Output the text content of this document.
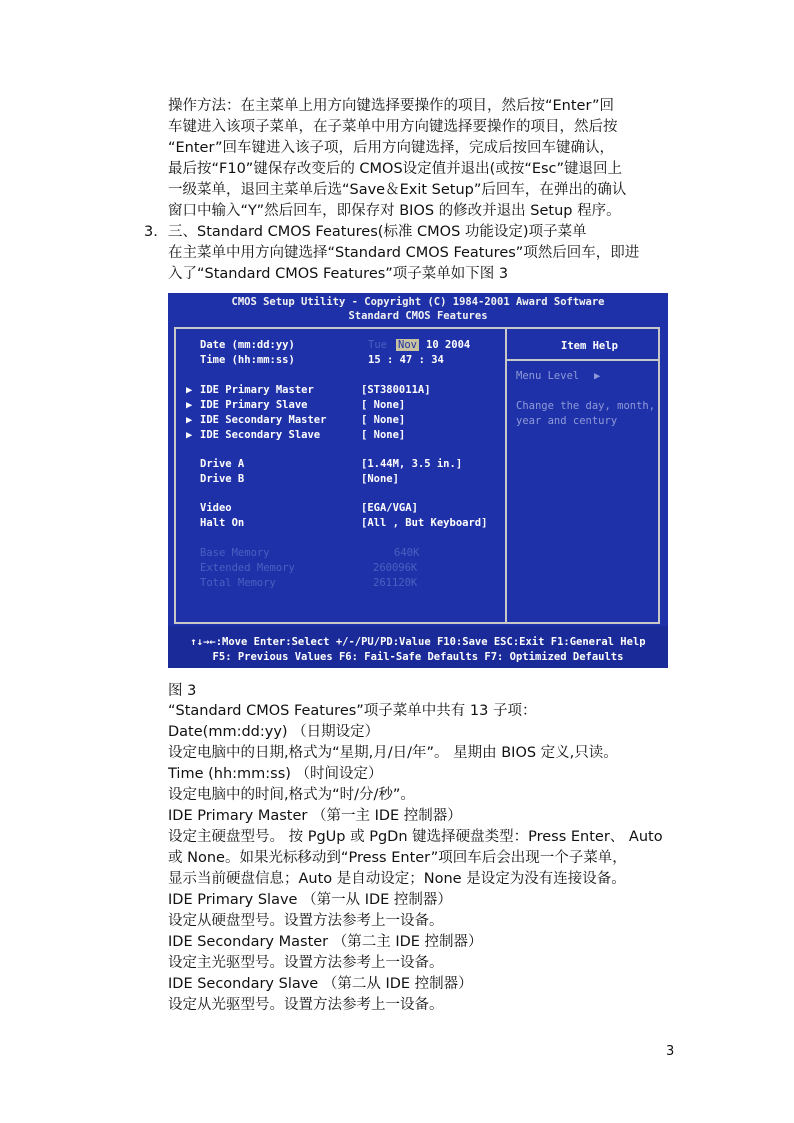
操作方法：在主菜单上用方向键选择要操作的项目，然后按“Enter”回
车键进入该项子菜单，在子菜单中用方向键选择要操作的项目，然后按
“Enter”回车键进入该子项，后用方向键选择，完成后按回车键确认，
最后按“F10”键保存改变后的 CMOS设定值并退出(或按“Esc”键退回上
一级菜单，退回主菜单后选“Save＆Exit Setup”后回车，在弹出的确认
窗口中输入“Y”然后回车，即保存对 BIOS 的修改并退出 Setup 程序。
3. 三、Standard CMOS Features(标准 CMOS 功能设定)项子菜单
在主菜单中用方向键选择“Standard CMOS Features”项然后回车，即进
入了“Standard CMOS Features”项子菜单如下图 3
CMOS Setup Utility - Copyright (C) 1984-2001 Award Software
Standard CMOS Features
Date (mm:dd:yy)	Tue Nov 10 2004
Time (hh:mm:ss)	15 : 47 : 34
▶ IDE Primary Master	[ST380011A]
▶ IDE Primary Slave	[ None]
▶ IDE Secondary Master	[ None]
▶ IDE Secondary Slave	[ None]
Drive A	[1.44M, 3.5 in.]
Drive B	[None]
Video	[EGA/VGA]
Halt On	[All , But Keyboard]
Base Memory	640K
Extended Memory	260096K
Total Memory	261120K
Item Help
Menu Level ▶
Change the day, month,
year and century
↑↓→←:Move Enter:Select +/-/PU/PD:Value F10:Save ESC:Exit F1:General Help
F5: Previous Values F6: Fail-Safe Defaults F7: Optimized Defaults
图 3
“Standard CMOS Features”项子菜单中共有 13 子项：
Date(mm:dd:yy) （日期设定）
设定电脑中的日期,格式为“星期,月/日/年”。 星期由 BIOS 定义,只读。
Time (hh:mm:ss) （时间设定）
设定电脑中的时间,格式为“时/分/秒”。
IDE Primary Master （第一主 IDE 控制器）
设定主硬盘型号。 按 PgUp 或 PgDn 键选择硬盘类型：Press Enter、 Auto
或 None。如果光标移动到“Press Enter”项回车后会出现一个子菜单，
显示当前硬盘信息；Auto 是自动设定；None 是设定为没有连接设备。
IDE Primary Slave （第一从 IDE 控制器）
设定从硬盘型号。设置方法参考上一设备。
IDE Secondary Master （第二主 IDE 控制器）
设定主光驱型号。设置方法参考上一设备。
IDE Secondary Slave （第二从 IDE 控制器）
设定从光驱型号。设置方法参考上一设备。
3
